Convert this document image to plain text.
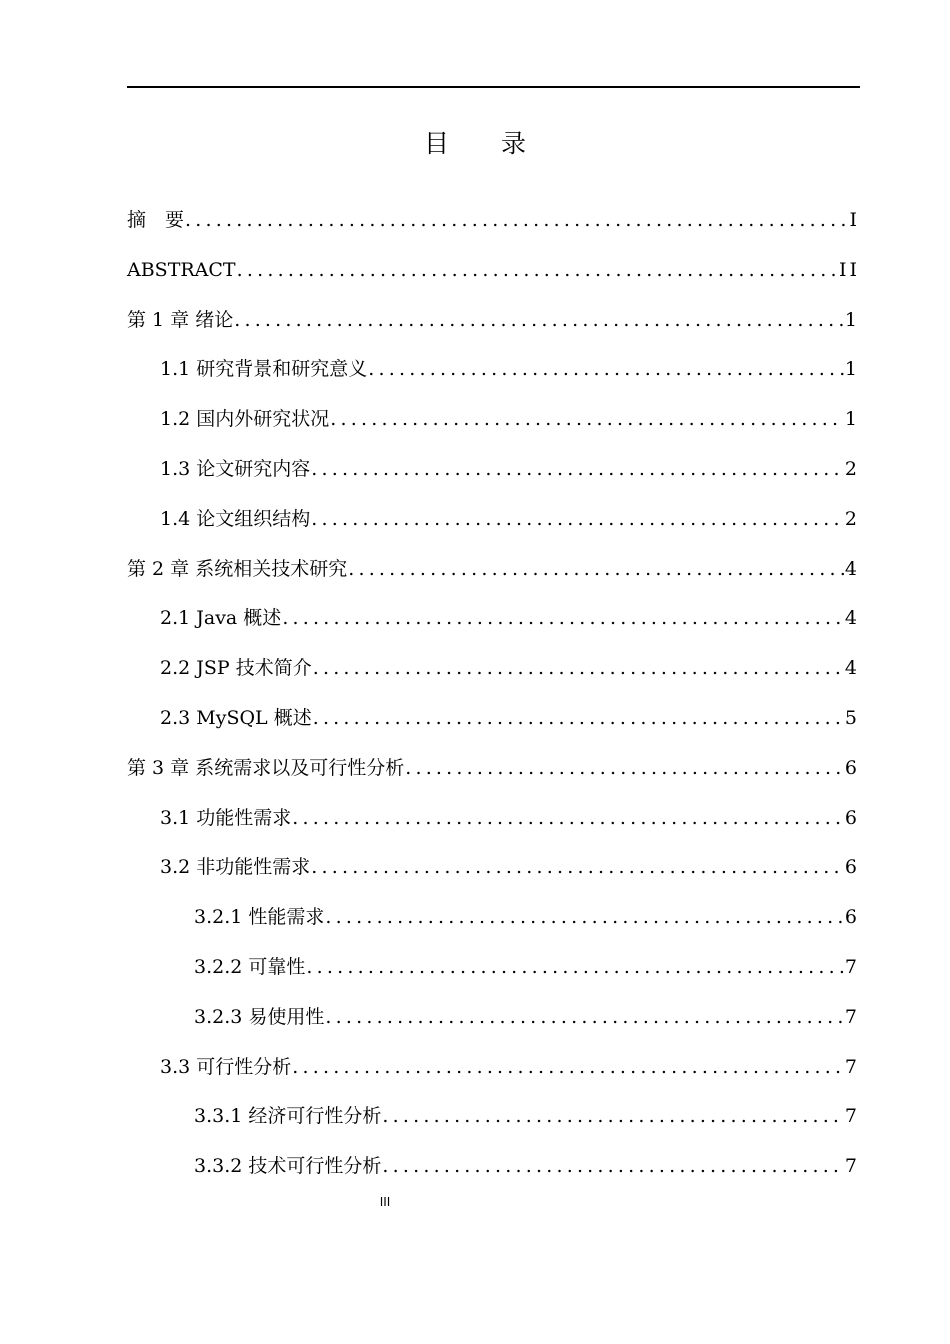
目 录
摘　要 .....	I
ABSTRACT .....	II
第 1 章 绪论 .....	1
1.1 研究背景和研究意义 .....	1
1.2 国内外研究状况 .....	1
1.3 论文研究内容 .....	2
1.4 论文组织结构 .....	2
第 2 章 系统相关技术研究 .....	4
2.1 Java 概述 .....	4
2.2 JSP 技术简介 .....	4
2.3 MySQL 概述 .....	5
第 3 章 系统需求以及可行性分析 .....	6
3.1 功能性需求 .....	6
3.2 非功能性需求 .....	6
3.2.1 性能需求 .....	6
3.2.2 可靠性 .....	7
3.2.3 易使用性 .....	7
3.3 可行性分析 .....	7
3.3.1 经济可行性分析 .....	7
3.3.2 技术可行性分析 .....	7
III
